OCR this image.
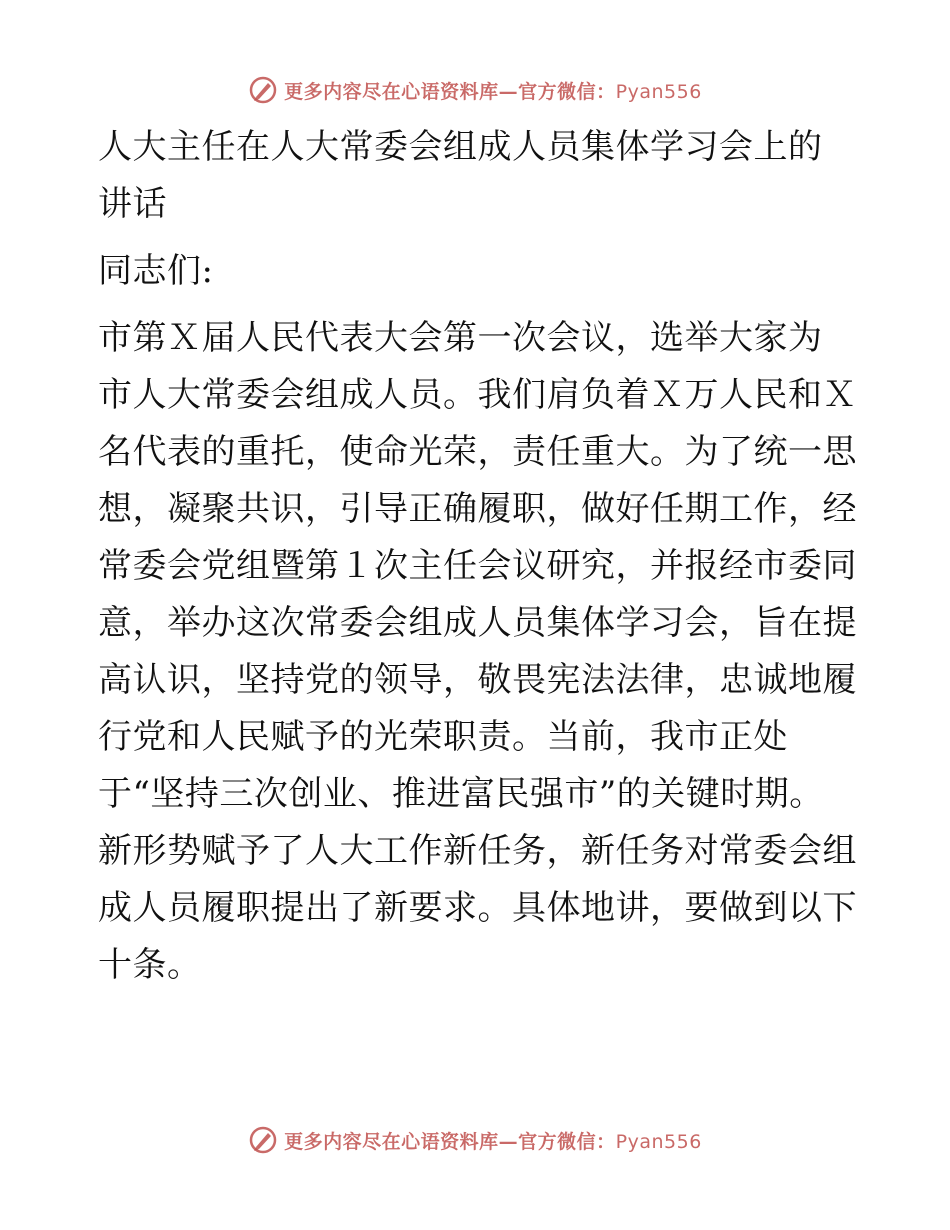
更多内容尽在心语资料库—官方微信：Pyan556
人大主任在人大常委会组成人员集体学习会上的
讲话
同志们:
市第Ｘ届人民代表大会第一次会议，选举大家为
市人大常委会组成人员。我们肩负着Ｘ万人民和Ｘ
名代表的重托，使命光荣，责任重大。为了统一思
想，凝聚共识，引导正确履职，做好任期工作，经
常委会党组暨第１次主任会议研究，并报经市委同
意，举办这次常委会组成人员集体学习会，旨在提
高认识，坚持党的领导，敬畏宪法法律，忠诚地履
行党和人民赋予的光荣职责。当前，我市正处
于“坚持三次创业、推进富民强市”的关键时期。
新形势赋予了人大工作新任务，新任务对常委会组
成人员履职提出了新要求。具体地讲，要做到以下
十条。
更多内容尽在心语资料库—官方微信：Pyan556
